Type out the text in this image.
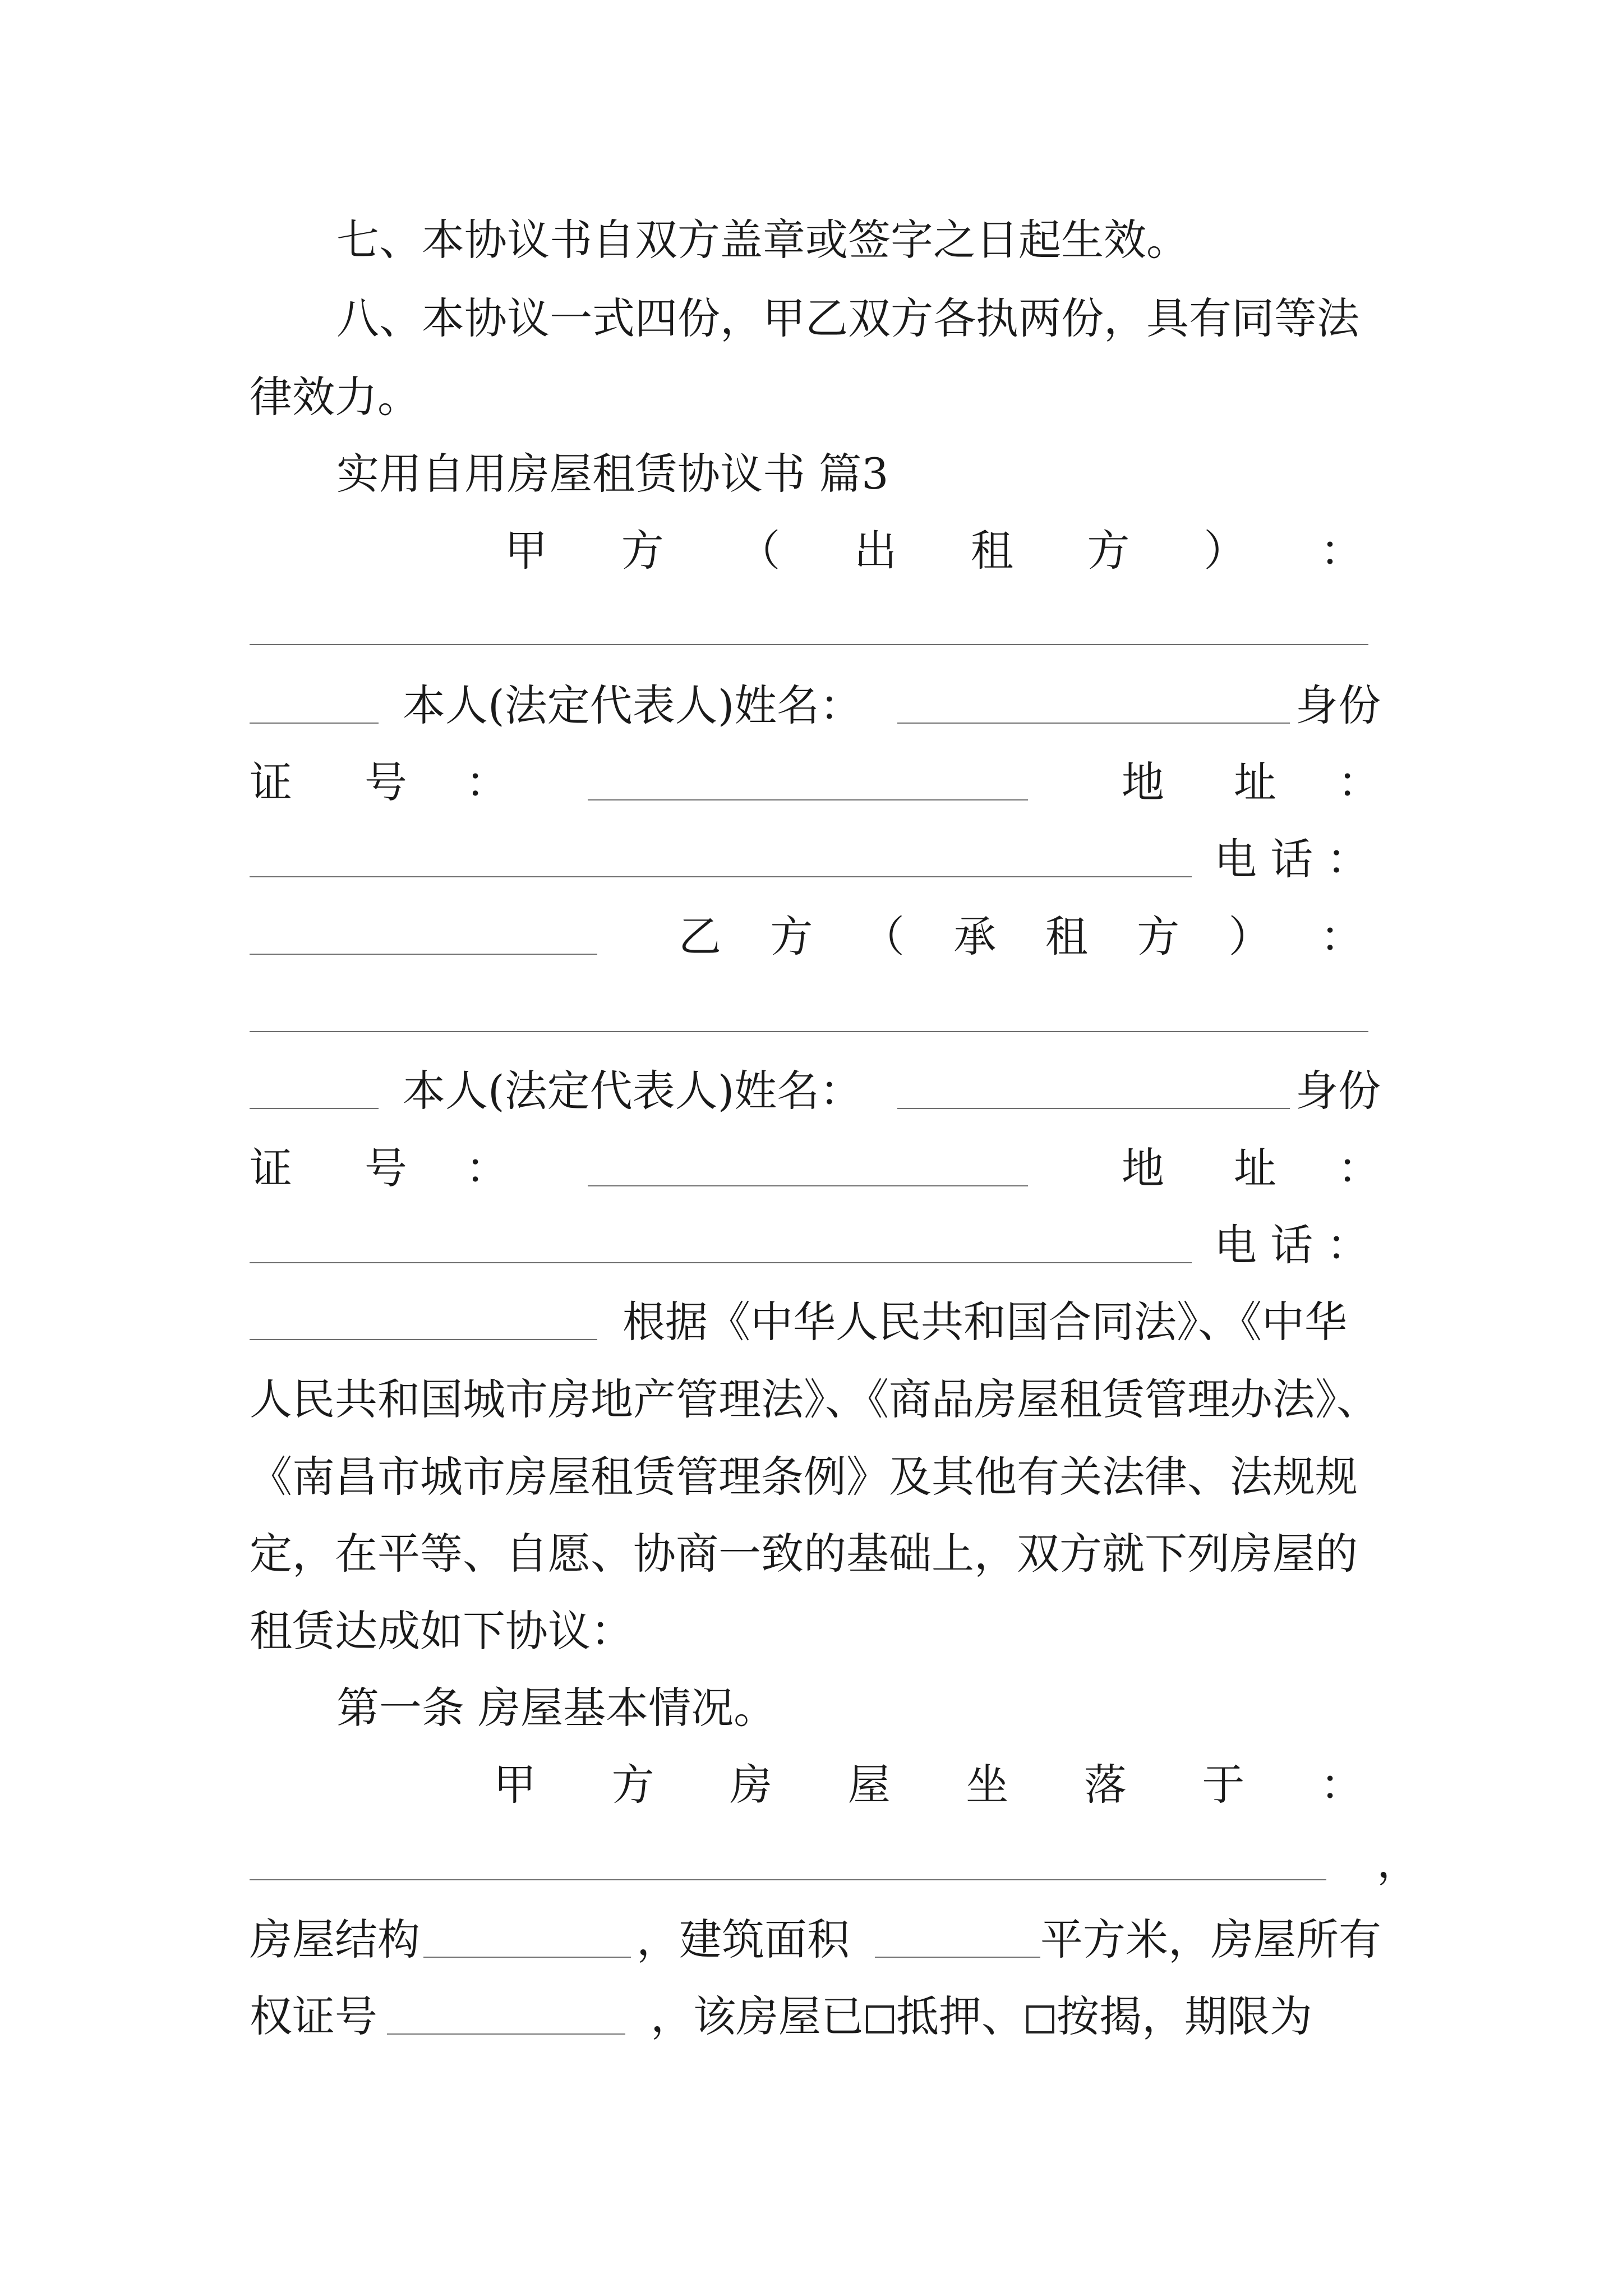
七、本协议书自双方盖章或签字之日起生效。
八、本协议一式四份，甲乙双方各执两份，具有同等法
律效力。
实用自用房屋租赁协议书 篇3
甲 方 （ 出 租 方 ） ：
本人(法定代表人)姓名：	身份
证 号 ：	地 址 ：
电 话 ：
乙 方 （ 承 租 方 ） ：
本人(法定代表人)姓名：	身份
证 号 ：	地 址 ：
电 话 ：
根据《中华人民共和国合同法》、《中华
人民共和国城市房地产管理法》、《商品房屋租赁管理办法》、
《南昌市城市房屋租赁管理条例》及其他有关法律、法规规
定，在平等、自愿、协商一致的基础上，双方就下列房屋的
租赁达成如下协议：
第一条 房屋基本情况。
甲 方 房 屋 坐 落 于 ：
，
房屋结构	，建筑面积	平方米，房屋所有
权证号	，该房屋已 抵押、 按揭，期限为
